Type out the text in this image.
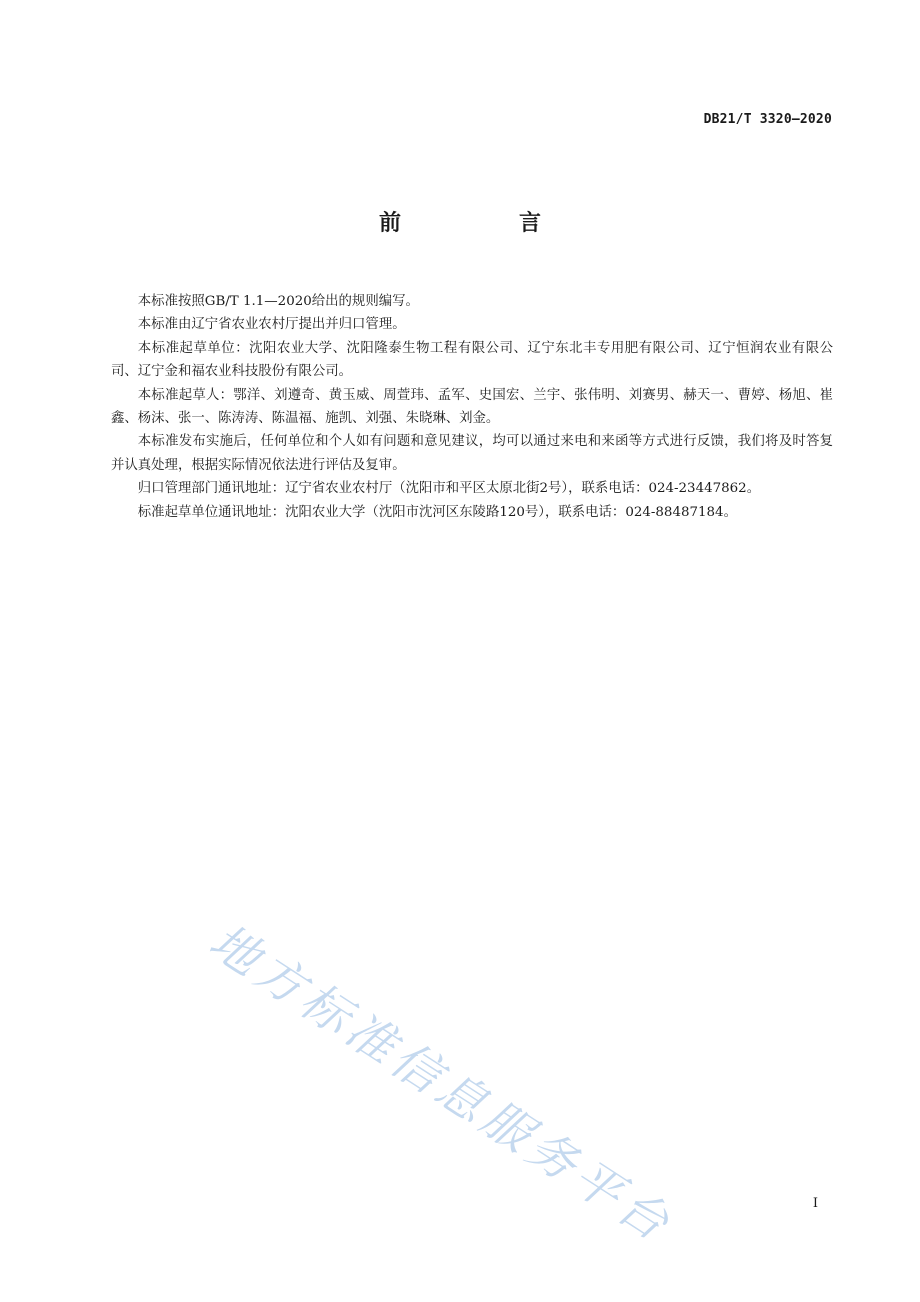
DB21/T 3320—2020
前　言

本标准按照GB/T 1.1—2020给出的规则编写。

本标准由辽宁省农业农村厅提出并归口管理。

本标准起草单位：沈阳农业大学、沈阳隆泰生物工程有限公司、辽宁东北丰专用肥有限公司、辽宁恒润农业有限公司、辽宁金和福农业科技股份有限公司。

本标准起草人：鄂洋、刘遵奇、黄玉威、周萱玮、孟军、史国宏、兰宇、张伟明、刘赛男、赫天一、曹婷、杨旭、崔鑫、杨沫、张一、陈涛涛、陈温福、施凯、刘强、朱晓琳、刘金。

本标准发布实施后，任何单位和个人如有问题和意见建议，均可以通过来电和来函等方式进行反馈，我们将及时答复并认真处理，根据实际情况依法进行评估及复审。

归口管理部门通讯地址：辽宁省农业农村厅（沈阳市和平区太原北街2号），联系电话：024-23447862。

标准起草单位通讯地址：沈阳农业大学（沈阳市沈河区东陵路120号），联系电话：024-88487184。

地方标准信息服务平台	I
